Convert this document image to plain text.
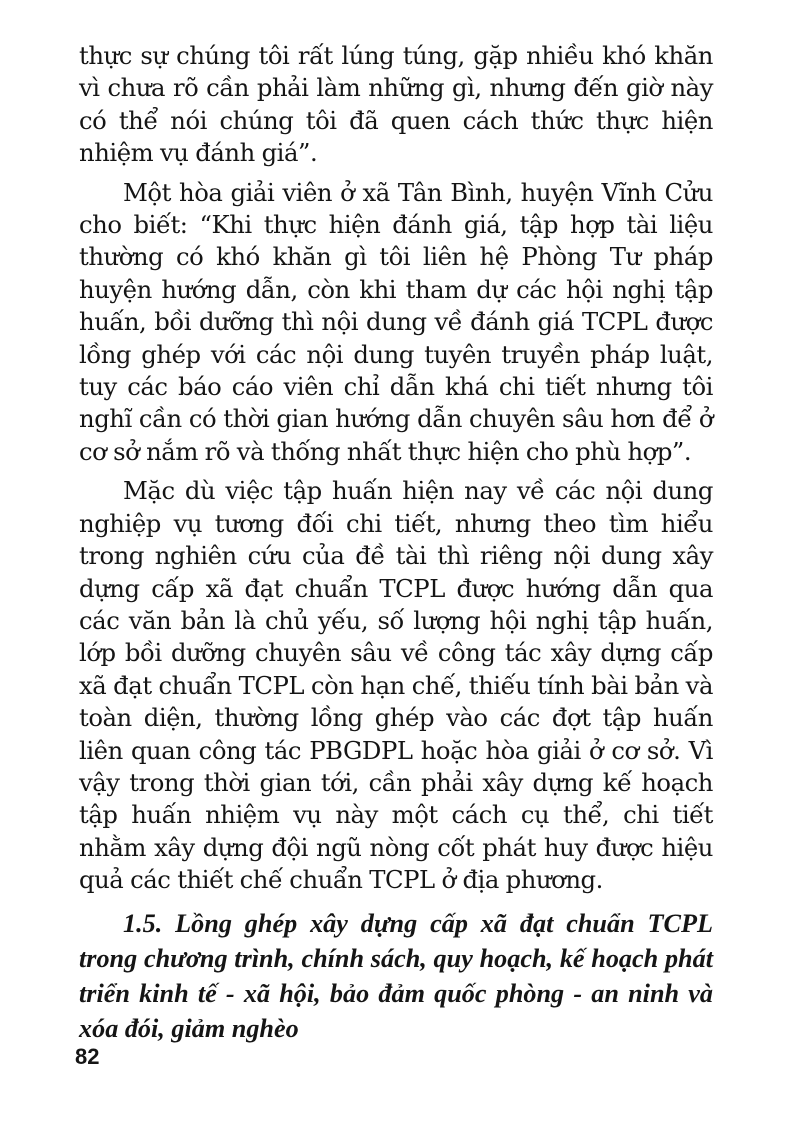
thực sự chúng tôi rất lúng túng, gặp nhiều khó khăn vì chưa rõ cần phải làm những gì, nhưng đến giờ này có thể nói chúng tôi đã quen cách thức thực hiện nhiệm vụ đánh giá”.

Một hòa giải viên ở xã Tân Bình, huyện Vĩnh Cửu cho biết: “Khi thực hiện đánh giá, tập hợp tài liệu thường có khó khăn gì tôi liên hệ Phòng Tư pháp huyện hướng dẫn, còn khi tham dự các hội nghị tập huấn, bồi dưỡng thì nội dung về đánh giá TCPL được lồng ghép với các nội dung tuyên truyền pháp luật, tuy các báo cáo viên chỉ dẫn khá chi tiết nhưng tôi nghĩ cần có thời gian hướng dẫn chuyên sâu hơn để ở cơ sở nắm rõ và thống nhất thực hiện cho phù hợp”.

Mặc dù việc tập huấn hiện nay về các nội dung nghiệp vụ tương đối chi tiết, nhưng theo tìm hiểu trong nghiên cứu của đề tài thì riêng nội dung xây dựng cấp xã đạt chuẩn TCPL được hướng dẫn qua các văn bản là chủ yếu, số lượng hội nghị tập huấn, lớp bồi dưỡng chuyên sâu về công tác xây dựng cấp xã đạt chuẩn TCPL còn hạn chế, thiếu tính bài bản và toàn diện, thường lồng ghép vào các đợt tập huấn liên quan công tác PBGDPL hoặc hòa giải ở cơ sở. Vì vậy trong thời gian tới, cần phải xây dựng kế hoạch tập huấn nhiệm vụ này một cách cụ thể, chi tiết nhằm xây dựng đội ngũ nòng cốt phát huy được hiệu quả các thiết chế chuẩn TCPL ở địa phương.

1.5. Lồng ghép xây dựng cấp xã đạt chuẩn TCPL trong chương trình, chính sách, quy hoạch, kế hoạch phát triển kinh tế - xã hội, bảo đảm quốc phòng - an ninh và xóa đói, giảm nghèo

82
